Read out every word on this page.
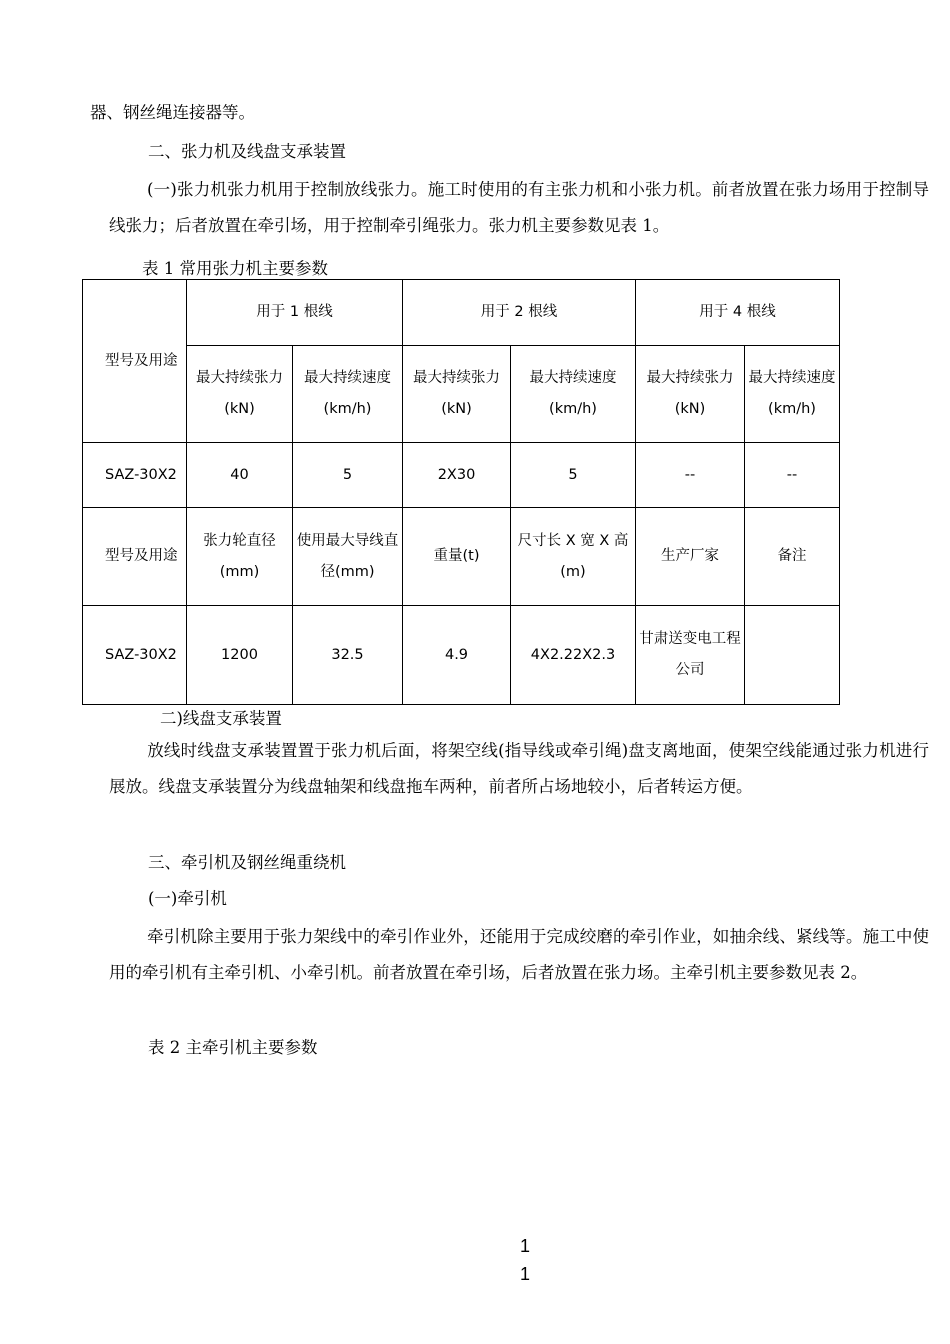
器、钢丝绳连接器等。
二、张力机及线盘支承装置
(一)张力机张力机用于控制放线张力。施工时使用的有主张力机和小张力机。前者放置在张力场用于控制导线张力；后者放置在牵引场，用于控制牵引绳张力。张力机主要参数见表 1。
表 1 常用张力机主要参数
型号及用途	用于 1 根线		用于 2 根线		用于 4 根线	
	最大持续张力(kN)	最大持续速度(km/h)	最大持续张力(kN)	最大持续速度(km/h)	最大持续张力(kN)	最大持续速度(km/h)
SAZ-30X2	40	5	2X30	5	--	--
型号及用途	张力轮直径(mm)	使用最大导线直径(mm)	重量(t)	尺寸长 X 宽 X 高(m)	生产厂家	备注
SAZ-30X2	1200	32.5	4.9	4X2.22X2.3	甘肃送变电工程公司	
二)线盘支承装置
放线时线盘支承装置置于张力机后面，将架空线(指导线或牵引绳)盘支离地面，使架空线能通过张力机进行展放。线盘支承装置分为线盘轴架和线盘拖车两种，前者所占场地较小，后者转运方便。
三、牵引机及钢丝绳重绕机
(一)牵引机
牵引机除主要用于张力架线中的牵引作业外，还能用于完成绞磨的牵引作业，如抽余线、紧线等。施工中使用的牵引机有主牵引机、小牵引机。前者放置在牵引场，后者放置在张力场。主牵引机主要参数见表 2。
表 2 主牵引机主要参数
1
1
